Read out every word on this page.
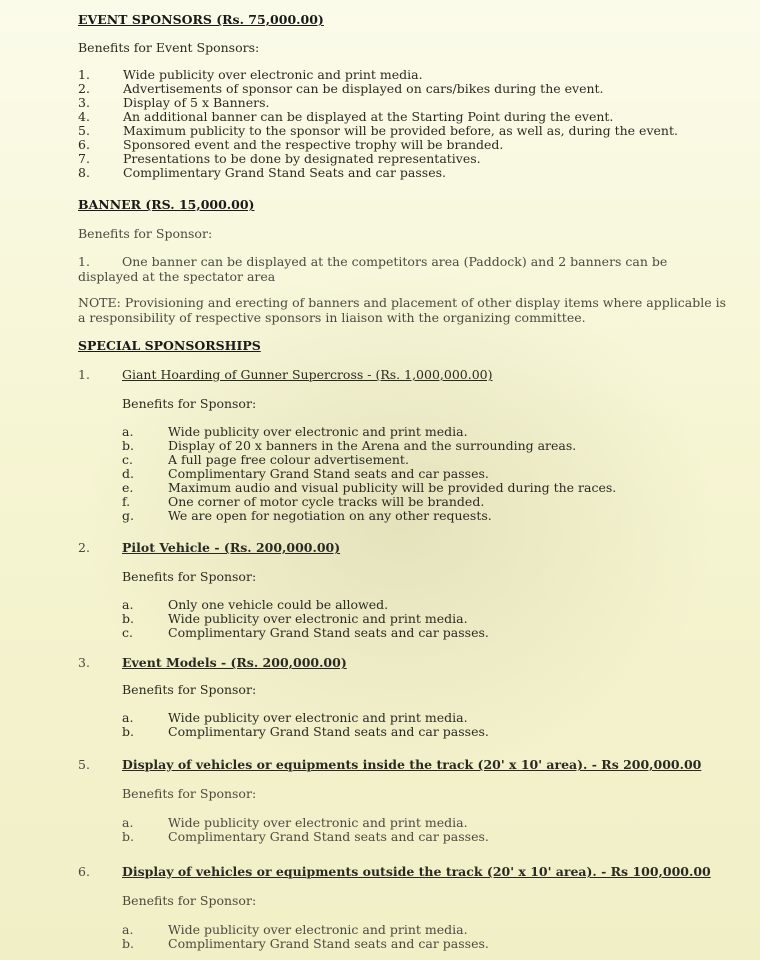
EVENT SPONSORS (Rs. 75,000.00)
Benefits for Event Sponsors:
1.	Wide publicity over electronic and print media.
2.	Advertisements of sponsor can be displayed on cars/bikes during the event.
3.	Display of 5 x Banners.
4.	An additional banner can be displayed at the Starting Point during the event.
5.	Maximum publicity to the sponsor will be provided before, as well as, during the event.
6.	Sponsored event and the respective trophy will be branded.
7.	Presentations to be done by designated representatives.
8.	Complimentary Grand Stand Seats and car passes.
BANNER (RS. 15,000.00)
Benefits for Sponsor:
1.	One banner can be displayed at the competitors area (Paddock) and 2 banners can be displayed at the spectator area
NOTE: Provisioning and erecting of banners and placement of other display items where applicable is a responsibility of respective sponsors in liaison with the organizing committee.
SPECIAL SPONSORSHIPS
1.	Giant Hoarding of Gunner Supercross - (Rs. 1,000,000.00)
Benefits for Sponsor:
a.	Wide publicity over electronic and print media.
b.	Display of 20 x banners in the Arena and the surrounding areas.
c.	A full page free colour advertisement.
d.	Complimentary Grand Stand seats and car passes.
e.	Maximum audio and visual publicity will be provided during the races.
f.	One corner of motor cycle tracks will be branded.
g.	We are open for negotiation on any other requests.
2.	Pilot Vehicle - (Rs. 200,000.00)
Benefits for Sponsor:
a.	Only one vehicle could be allowed.
b.	Wide publicity over electronic and print media.
c.	Complimentary Grand Stand seats and car passes.
3.	Event Models - (Rs. 200,000.00)
Benefits for Sponsor:
a.	Wide publicity over electronic and print media.
b.	Complimentary Grand Stand seats and car passes.
5.	Display of vehicles or equipments inside the track (20' x 10' area). - Rs 200,000.00
Benefits for Sponsor:
a.	Wide publicity over electronic and print media.
b.	Complimentary Grand Stand seats and car passes.
6.	Display of vehicles or equipments outside the track (20' x 10' area). - Rs 100,000.00
Benefits for Sponsor:
a.	Wide publicity over electronic and print media.
b.	Complimentary Grand Stand seats and car passes.
